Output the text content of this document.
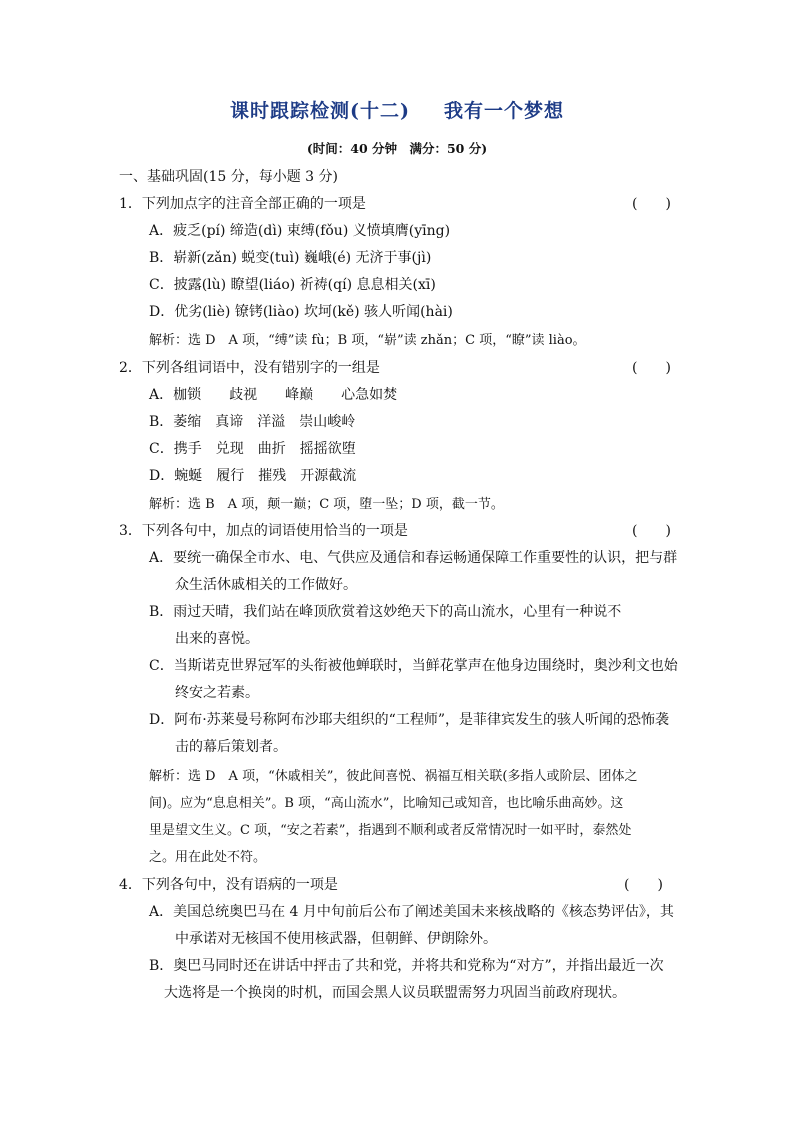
课时跟踪检测(十二) 我有一个梦想
(时间：40 分钟　满分：50 分)
一、基础巩固(15 分，每小题 3 分)
1．下列加点字的注音全部正确的一项是	(　　)
A．疲乏(pí) 缔造(dì) 束缚(fǒu) 义愤填膺(yīng)
B．崭新(zǎn) 蜕变(tuì) 巍峨(é) 无济于事(jì)
C．披露(lù) 瞭望(liáo) 祈祷(qí) 息息相关(xī)
D．优劣(liè) 镣铐(liào) 坎坷(kě) 骇人听闻(hài)
解析：选 D　A 项，“缚”读 fù；B 项，“崭”读 zhǎn；C 项，“瞭”读 liào。
2．下列各组词语中，没有错别字的一组是	(　　)
A．枷锁　　歧视　　峰巅　　心急如焚
B．萎缩　真谛　洋溢　崇山峻岭
C．携手　兑现　曲折　摇摇欲堕
D．蜿蜒　履行　摧残　开源截流
解析：选 B　A 项，颠一巅；C 项，堕一坠；D 项，截一节。
3．下列各句中，加点的词语使用恰当的一项是	(　　)
A．要统一确保全市水、电、气供应及通信和春运畅通保障工作重要性的认识，把与群
众生活休戚相关的工作做好。
B．雨过天晴，我们站在峰顶欣赏着这妙绝天下的高山流水，心里有一种说不
出来的喜悦。
C．当斯诺克世界冠军的头衔被他蝉联时，当鲜花掌声在他身边围绕时，奥沙利文也始
终安之若素。
D．阿布·苏莱曼号称阿布沙耶夫组织的“工程师”，是菲律宾发生的骇人听闻的恐怖袭
击的幕后策划者。
解析：选 D　A 项，“休戚相关”，彼此间喜悦、祸福互相关联(多指人或阶层、团体之
间)。应为“息息相关”。B 项，“高山流水”，比喻知己或知音，也比喻乐曲高妙。这
里是望文生义。C 项，“安之若素”，指遇到不顺利或者反常情况时一如平时，泰然处
之。用在此处不符。
4．下列各句中，没有语病的一项是	(　　)
A．美国总统奥巴马在 4 月中旬前后公布了阐述美国未来核战略的《核态势评估》，其
中承诺对无核国不使用核武器，但朝鲜、伊朗除外。
B．奥巴马同时还在讲话中抨击了共和党，并将共和党称为“对方”，并指出最近一次
大选将是一个换岗的时机，而国会黑人议员联盟需努力巩固当前政府现状。
